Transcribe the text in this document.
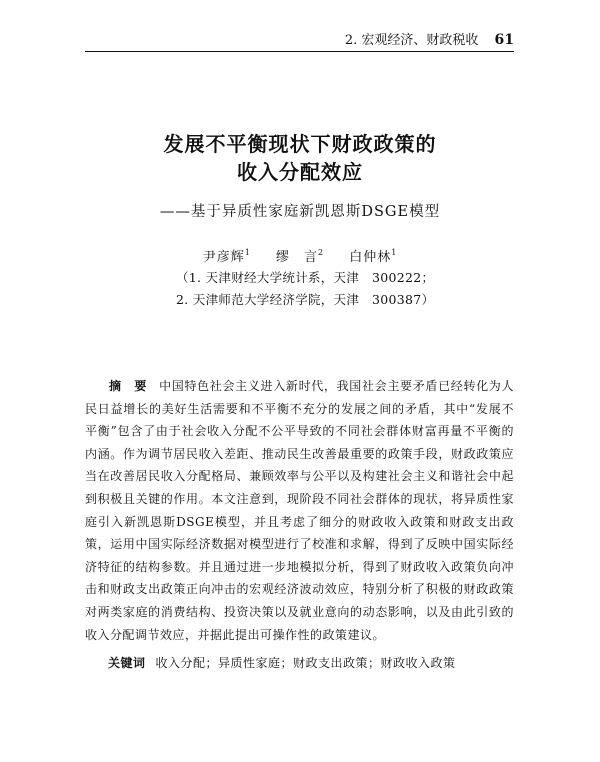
2. 宏观经济、财政税收 61
发展不平衡现状下财政政策的
收入分配效应
——基于异质性家庭新凯恩斯DSGE模型
尹彦辉$^1$ 缪　言$^2$ 白仲林$^1$
（1. 天津财经大学统计系，天津　300222；
2. 天津师范大学经济学院，天津　300387）
摘　要 中国特色社会主义进入新时代，我国社会主要矛盾已经转化为人民日益增长的美好生活需要和不平衡不充分的发展之间的矛盾，其中“发展不平衡”包含了由于社会收入分配不公平导致的不同社会群体财富再量不平衡的内涵。作为调节居民收入差距、推动民生改善最重要的政策手段，财政政策应当在改善居民收入分配格局、兼顾效率与公平以及构建社会主义和谐社会中起到积极且关键的作用。本文注意到，现阶段不同社会群体的现状，将异质性家庭引入新凯恩斯DSGE模型，并且考虑了细分的财政收入政策和财政支出政策，运用中国实际经济数据对模型进行了校准和求解，得到了反映中国实际经济特征的结构参数。并且通过进一步地模拟分析，得到了财政收入政策负向冲击和财政支出政策正向冲击的宏观经济波动效应，特别分析了积极的财政政策对两类家庭的消费结构、投资决策以及就业意向的动态影响，以及由此引致的收入分配调节效应，并据此提出可操作性的政策建议。
关键词 收入分配；异质性家庭；财政支出政策；财政收入政策
